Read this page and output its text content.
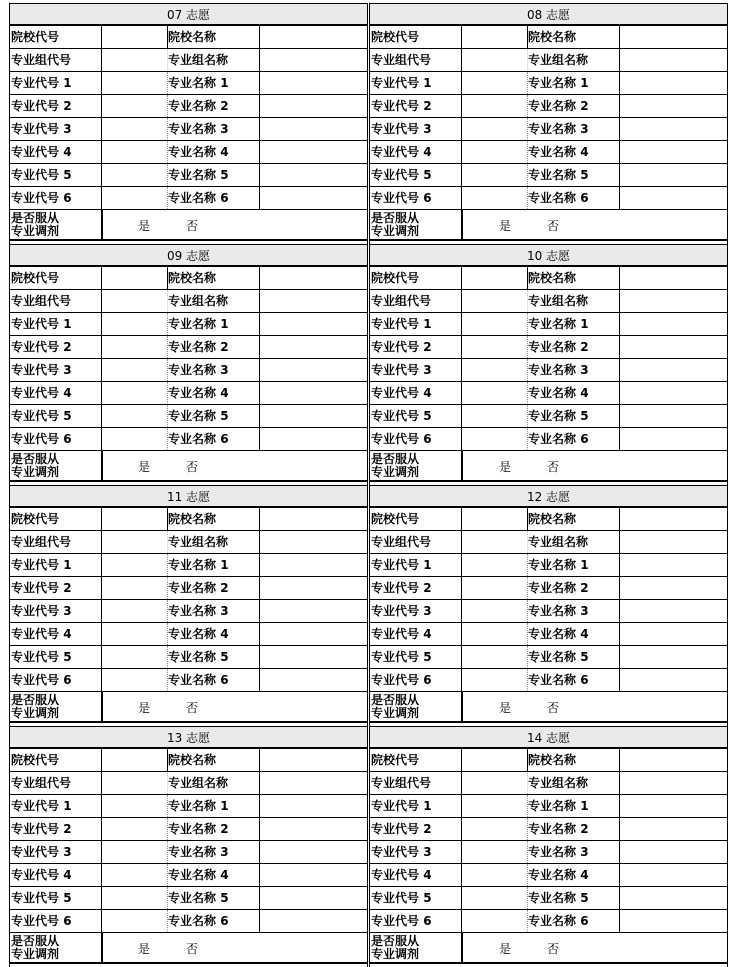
07 志愿
院校代号	院校名称
专业组代号	专业组名称
专业代号 1	专业名称 1
专业代号 2	专业名称 2
专业代号 3	专业名称 3
专业代号 4	专业名称 4
专业代号 5	专业名称 5
专业代号 6	专业名称 6
是否服从
专业调剂	是	否
08 志愿
院校代号	院校名称
专业组代号	专业组名称
专业代号 1	专业名称 1
专业代号 2	专业名称 2
专业代号 3	专业名称 3
专业代号 4	专业名称 4
专业代号 5	专业名称 5
专业代号 6	专业名称 6
是否服从
专业调剂	是	否
09 志愿
院校代号	院校名称
专业组代号	专业组名称
专业代号 1	专业名称 1
专业代号 2	专业名称 2
专业代号 3	专业名称 3
专业代号 4	专业名称 4
专业代号 5	专业名称 5
专业代号 6	专业名称 6
是否服从
专业调剂	是	否
10 志愿
院校代号	院校名称
专业组代号	专业组名称
专业代号 1	专业名称 1
专业代号 2	专业名称 2
专业代号 3	专业名称 3
专业代号 4	专业名称 4
专业代号 5	专业名称 5
专业代号 6	专业名称 6
是否服从
专业调剂	是	否
11 志愿
院校代号	院校名称
专业组代号	专业组名称
专业代号 1	专业名称 1
专业代号 2	专业名称 2
专业代号 3	专业名称 3
专业代号 4	专业名称 4
专业代号 5	专业名称 5
专业代号 6	专业名称 6
是否服从
专业调剂	是	否
12 志愿
院校代号	院校名称
专业组代号	专业组名称
专业代号 1	专业名称 1
专业代号 2	专业名称 2
专业代号 3	专业名称 3
专业代号 4	专业名称 4
专业代号 5	专业名称 5
专业代号 6	专业名称 6
是否服从
专业调剂	是	否
13 志愿
院校代号	院校名称
专业组代号	专业组名称
专业代号 1	专业名称 1
专业代号 2	专业名称 2
专业代号 3	专业名称 3
专业代号 4	专业名称 4
专业代号 5	专业名称 5
专业代号 6	专业名称 6
是否服从
专业调剂	是	否
14 志愿
院校代号	院校名称
专业组代号	专业组名称
专业代号 1	专业名称 1
专业代号 2	专业名称 2
专业代号 3	专业名称 3
专业代号 4	专业名称 4
专业代号 5	专业名称 5
专业代号 6	专业名称 6
是否服从
专业调剂	是	否
